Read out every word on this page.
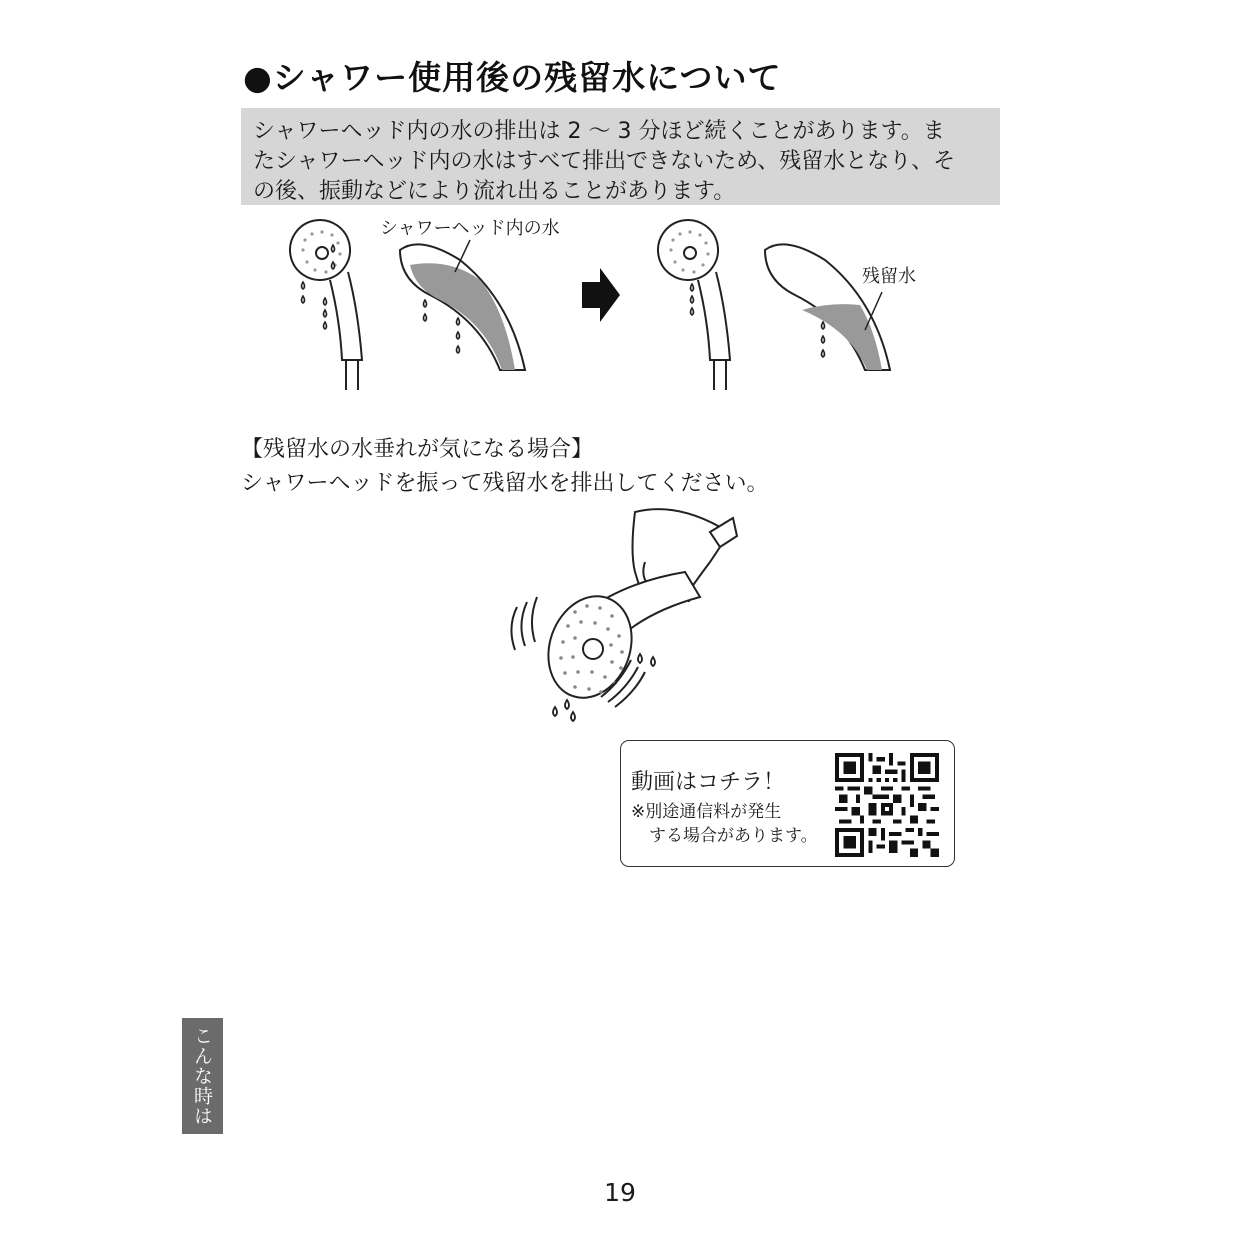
●シャワー使用後の残留水について
シャワーヘッド内の水の排出は 2 ～ 3 分ほど続くことがあります。ま
たシャワーヘッド内の水はすべて排出できないため、残留水となり、そ
の後、振動などにより流れ出ることがあります。
シャワーヘッド内の水
残留水
【残留水の水垂れが気になる場合】
シャワーヘッドを振って残留水を排出してください。
動画はコチラ！
※別途通信料が発生
する場合があります。
こんな時は
19
